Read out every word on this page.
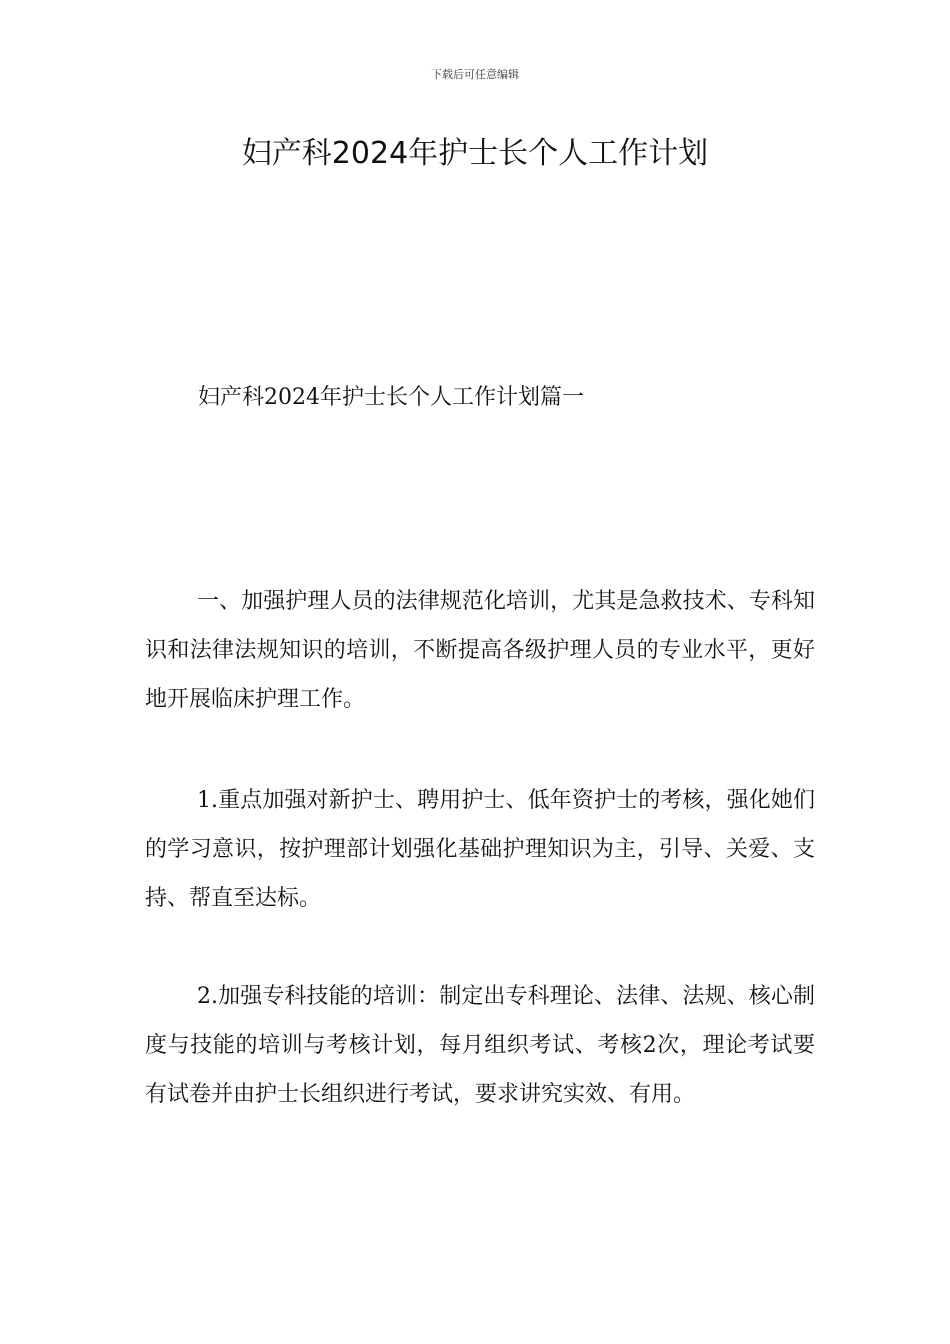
下载后可任意编辑
妇产科2024年护士长个人工作计划
妇产科2024年护士长个人工作计划篇一

一、加强护理人员的法律规范化培训，尤其是急救技术、专科知识和法律法规知识的培训，不断提高各级护理人员的专业水平，更好地开展临床护理工作。

1.重点加强对新护士、聘用护士、低年资护士的考核，强化她们的学习意识，按护理部计划强化基础护理知识为主，引导、关爱、支持、帮直至达标。

2.加强专科技能的培训：制定出专科理论、法律、法规、核心制度与技能的培训与考核计划，每月组织考试、考核2次，理论考试要有试卷并由护士长组织进行考试，要求讲究实效、有用。
